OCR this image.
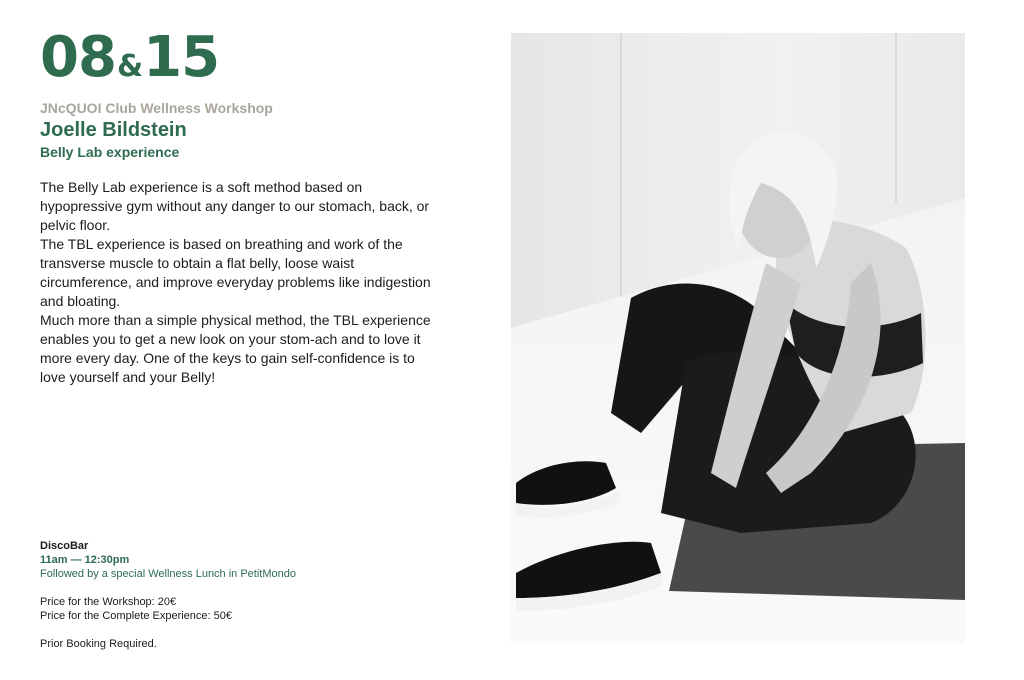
08 & 15
JNcQUOI Club Wellness Workshop
Joelle Bildstein
Belly Lab experience

The Belly Lab experience is a soft method based on hypopressive gym without any danger to our stomach, back, or pelvic floor.

The TBL experience is based on breathing and work of the transverse muscle to obtain a flat belly, loose waist circumference, and improve everyday problems like indigestion and bloating.

Much more than a simple physical method, the TBL experience enables you to get a new look on your stom-ach and to love it more every day. One of the keys to gain self-confidence is to love yourself and your Belly!

DiscoBar
11am — 12:30pm
Followed by a special Wellness Lunch in PetitMondo
Price for the Workshop: 20€
Price for the Complete Experience: 50€
Prior Booking Required.
